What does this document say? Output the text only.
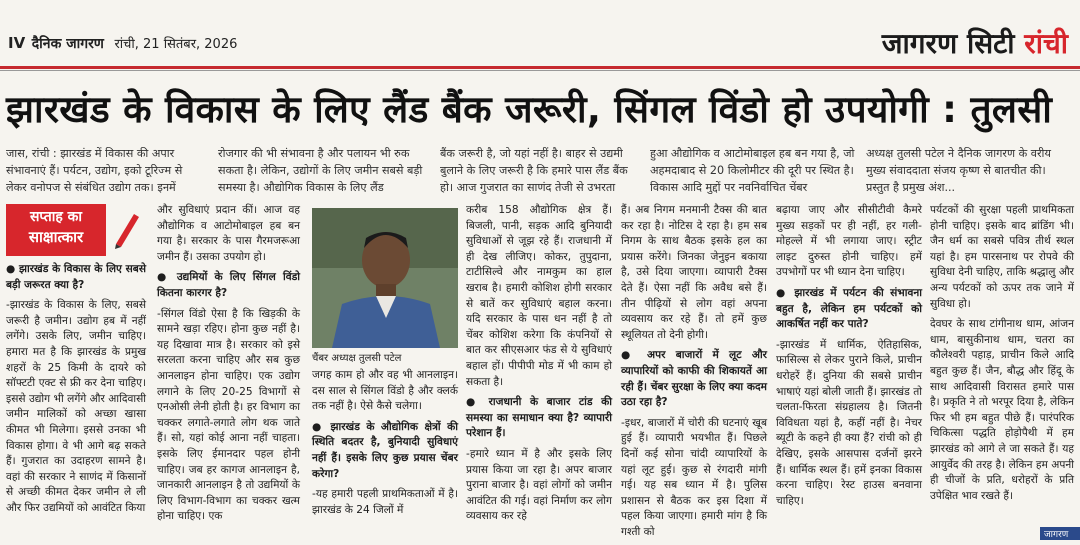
IV दैनिक जागरण रांची, 21 सितंबर, 2026	जागरण सिटी रांची
झारखंड के विकास के लिए लैंड बैंक जरूरी, सिंगल विंडो हो उपयोगी : तुलसी
जास, रांची : झारखंड में विकास की अपार संभावनाएं हैं। पर्यटन, उद्योग, इको टूरिज्म से लेकर वनोपज से संबंधित उद्योग तक। इनमें
रोजगार की भी संभावना है और पलायन भी रुक सकता है। लेकिन, उद्योगों के लिए जमीन सबसे बड़ी समस्या है। औद्योगिक विकास के लिए लैंड
बैंक जरूरी है, जो यहां नहीं है। बाहर से उद्यमी बुलाने के लिए जरूरी है कि हमारे पास लैंड बैंक हो। आज गुजरात का साणंद तेजी से उभरता
हुआ औद्योगिक व आटोमोबाइल हब बन गया है, जो अहमदाबाद से 20 किलोमीटर की दूरी पर स्थित है। विकास आदि मुद्दों पर नवनिर्वाचित चेंबर
अध्यक्ष तुलसी पटेल ने दैनिक जागरण के वरीय मुख्य संवाददाता संजय कृष्ण से बातचीत की। प्रस्तुत है प्रमुख अंश...
सप्ताह का
साक्षात्कार
चैंबर अध्यक्ष तुलसी पटेल

● झारखंड के विकास के लिए सबसे बड़ी जरूरत क्या है?

-झारखंड के विकास के लिए, सबसे जरूरी है जमीन। उद्योग हब में नहीं लगेंगे। उसके लिए, जमीन चाहिए। हमारा मत है कि झारखंड के प्रमुख शहरों के 25 किमी के दायरे को सॉफ्टटी एक्ट से फ्री कर देना चाहिए। इससे उद्योग भी लगेंगे और आदिवासी जमीन मालिकों को अच्छा खासा कीमत भी मिलेगा। इससे उनका भी विकास होगा। वे भी आगे बढ़ सकते हैं। गुजरात का उदाहरण सामने है। वहां की सरकार ने साणंद में किसानों से अच्छी कीमत देकर जमीन ले ली और फिर उद्यमियों को आवंटित किया

और सुविधाएं प्रदान कीं। आज वह औद्योगिक व आटोमोबाइल हब बन गया है। सरकार के पास गैरमजरूआ जमीन हैं। उसका उपयोग हो।

● उद्यमियों के लिए सिंगल विंडो कितना कारगर है?

-सिंगल विंडो ऐसा है कि खिड़की के सामने खड़ा रहिए। होना कुछ नहीं है। यह दिखावा मात्र है। सरकार को इसे सरलता करना चाहिए और सब कुछ आनलाइन होना चाहिए। एक उद्योग लगाने के लिए 20-25 विभागों से एनओसी लेनी होती है। हर विभाग का चक्कर लगाते-लगाते लोग थक जाते हैं। सो, यहां कोई आना नहीं चाहता। इसके लिए ईमानदार पहल होनी चाहिए। जब हर कागज आनलाइन है, जानकारी आनलाइन है तो उद्यमियों के लिए विभाग-विभाग का चक्कर खत्म होना चाहिए। एक

जगह काम हो और वह भी आनलाइन। दस साल से सिंगल विंडो है और क्लर्क तक नहीं है। ऐसे कैसे चलेगा।

● झारखंड के औद्योगिक क्षेत्रों की स्थिति बदतर है, बुनियादी सुविधाएं नहीं हैं। इसके लिए कुछ प्रयास चेंबर करेगा?

-यह हमारी पहली प्राथमिकताओं में है। झारखंड के 24 जिलों में

करीब 158 औद्योगिक क्षेत्र हैं। बिजली, पानी, सड़क आदि बुनियादी सुविधाओं से जूझ रहे हैं। राजधानी में ही देख लीजिए। कोकर, तुपुदाना, टाटीसिल्वे और नामकुम का हाल खराब है। हमारी कोशिश होगी सरकार से बातें कर सुविधाएं बहाल करना। यदि सरकार के पास धन नहीं है तो चेंबर कोशिश करेगा कि कंपनियों से बात कर सीएसआर फंड से ये सुविधाएं बहाल हों। पीपीपी मोड में भी काम हो सकता है।

● राजधानी के बाजार टांड की समस्या का समाधान क्या है? व्यापारी परेशान हैं।

-हमारे ध्यान में है और इसके लिए प्रयास किया जा रहा है। अपर बाजार पुराना बाजार है। वहां लोगों को जमीन आवंटित की गई। वहां निर्माण कर लोग व्यवसाय कर रहे

हैं। अब निगम मनमानी टैक्स की बात कर रहा है। नोटिस दे रहा है। हम सब निगम के साथ बैठक इसके हल का प्रयास करेंगे। जिनका जेनुइन बकाया है, उसे दिया जाएगा। व्यापारी टैक्स देते हैं। ऐसा नहीं कि अवैध बसे हैं। तीन पीढ़ियों से लोग वहां अपना व्यवसाय कर रहे हैं। तो हमें कुछ स्थूलियत तो देनी होगी।

● अपर बाजारों में लूट और व्यापारियों को काफी की शिकायतें आ रही हैं। चेंबर सुरक्षा के लिए क्या कदम उठा रहा है?

-इधर, बाजारों में चोरी की घटनाएं खूब हुई हैं। व्यापारी भयभीत हैं। पिछले दिनों कई सोना चांदी व्यापारियों के यहां लूट हुई। कुछ से रंगदारी मांगी गई। यह सब ध्यान में है। पुलिस प्रशासन से बैठक कर इस दिशा में पहल किया जाएगा। हमारी मांग है कि गश्ती को

बढ़ाया जाए और सीसीटीवी कैमरे मुख्य सड़कों पर ही नहीं, हर गली-मोहल्ले में भी लगाया जाए। स्ट्रीट लाइट दुरुस्त होनी चाहिए। हमें उपभोगों पर भी ध्यान देना चाहिए।

● झारखंड में पर्यटन की संभावना बहुत है, लेकिन हम पर्यटकों को आकर्षित नहीं कर पाते?

-झारखंड में धार्मिक, ऐतिहासिक, फासिल्स से लेकर पुराने किले, प्राचीन धरोहरें हैं। दुनिया की सबसे प्राचीन भाषाएं यहां बोली जाती हैं। झारखंड तो चलता-फिरता संग्रहालय है। जितनी विविधता यहां है, कहीं नहीं है। नेचर ब्यूटी के कहने ही क्या हैं? रांची को ही देखिए, इसके आसपास दर्जनों झरने हैं। धार्मिक स्थल हैं। हमें इनका विकास करना चाहिए। रेस्ट हाउस बनवाना चाहिए।

पर्यटकों की सुरक्षा पहली प्राथमिकता होनी चाहिए। इसके बाद ब्रांडिंग भी। जैन धर्म का सबसे पवित्र तीर्थ स्थल यहां है। हम पारसनाथ पर रोपवे की सुविधा देनी चाहिए, ताकि श्रद्धालु और अन्य पर्यटकों को ऊपर तक जाने में सुविधा हो।

देवघर के साथ टांगीनाथ धाम, आंजन धाम, बासुकीनाथ धाम, चतरा का कौलेश्वरी पहाड़, प्राचीन किले आदि बहुत कुछ हैं। जैन, बौद्ध और हिंदू के साथ आदिवासी विरासत हमारे पास है। प्रकृति ने तो भरपूर दिया है, लेकिन फिर भी हम बहुत पीछे हैं। पारंपरिक चिकित्सा पद्धति होड़ोपैथी में हम झारखंड को आगे ले जा सकते हैं। यह आयुर्वेद की तरह है। लेकिन हम अपनी ही चीजों के प्रति, धरोहरों के प्रति उपेक्षित भाव रखते हैं।

जागरण
